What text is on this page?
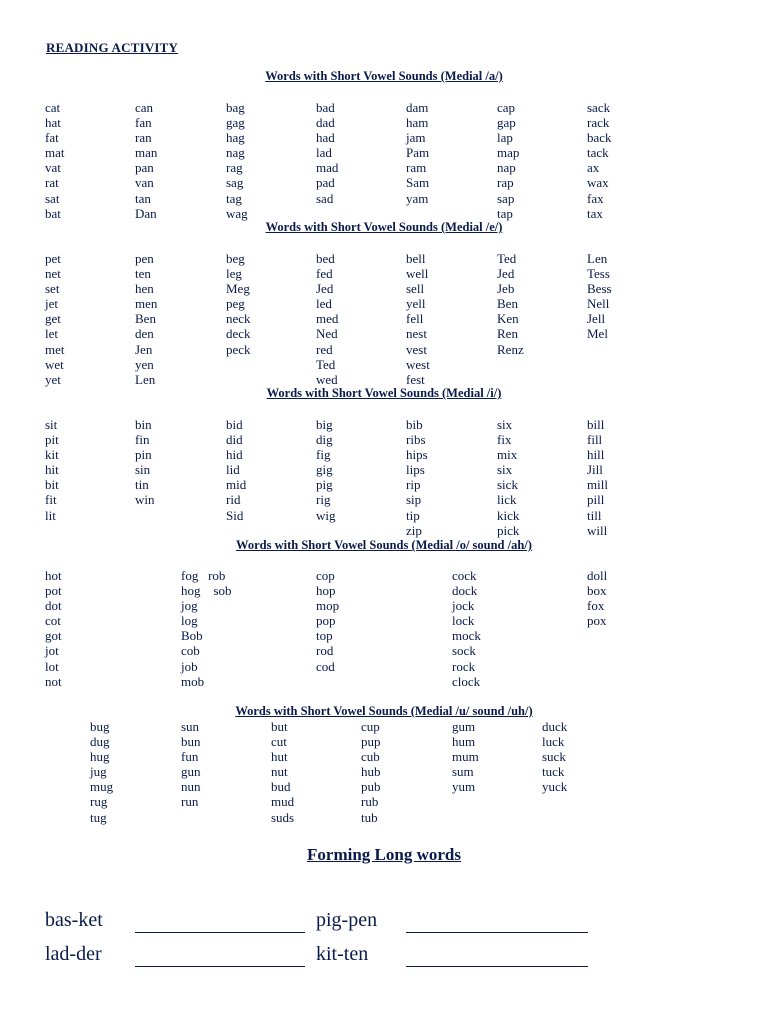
READING ACTIVITY
Words with Short Vowel Sounds (Medial /a/)
cat
hat
fat
mat
vat
rat
sat
bat
can
fan
ran
man
pan
van
tan
Dan
bag
gag
hag
nag
rag
sag
tag
wag
bad
dad
had
lad
mad
pad
sad
dam
ham
jam
Pam
ram
Sam
yam
cap
gap
lap
map
nap
rap
sap
tap
sack
rack
back
tack
ax
wax
fax
tax
Words with Short Vowel Sounds (Medial /e/)
pet
net
set
jet
get
let
met
wet
yet
pen
ten
hen
men
Ben
den
Jen
yen
Len
beg
leg
Meg
peg
neck
deck
peck
bed
fed
Jed
led
med
Ned
red
Ted
wed
bell
well
sell
yell
fell
nest
vest
west
fest
Ted
Jed
Jeb
Ben
Ken
Ren
Renz
Len
Tess
Bess
Nell
Jell
Mel
Words with Short Vowel Sounds (Medial /i/)
sit
pit
kit
hit
bit
fit
lit
bin
fin
pin
sin
tin
win
bid
did
hid
lid
mid
rid
Sid
big
dig
fig
gig
pig
rig
wig
bib
ribs
hips
lips
rip
sip
tip
zip
six
fix
mix
six
sick
lick
kick
pick
bill
fill
hill
Jill
mill
pill
till
will
Words with Short Vowel Sounds (Medial /o/ sound /ah/)
hot
pot
dot
cot
got
jot
lot
not
fog   rob
hog    sob
jog
log
Bob
cob
job
mob
cop
hop
mop
pop
top
rod
cod
cock
dock
jock
lock
mock
sock
rock
clock
doll
box
fox
pox
Words with Short Vowel Sounds (Medial /u/ sound /uh/)
bug
dug
hug
jug
mug
rug
tug
sun
bun
fun
gun
nun
run
but
cut
hut
nut
bud
mud
suds
cup
pup
cub
hub
pub
rub
tub
gum
hum
mum
sum
yum
duck
luck
suck
tuck
yuck
Forming Long words
bas-ket	pig-pen
lad-der	kit-ten
